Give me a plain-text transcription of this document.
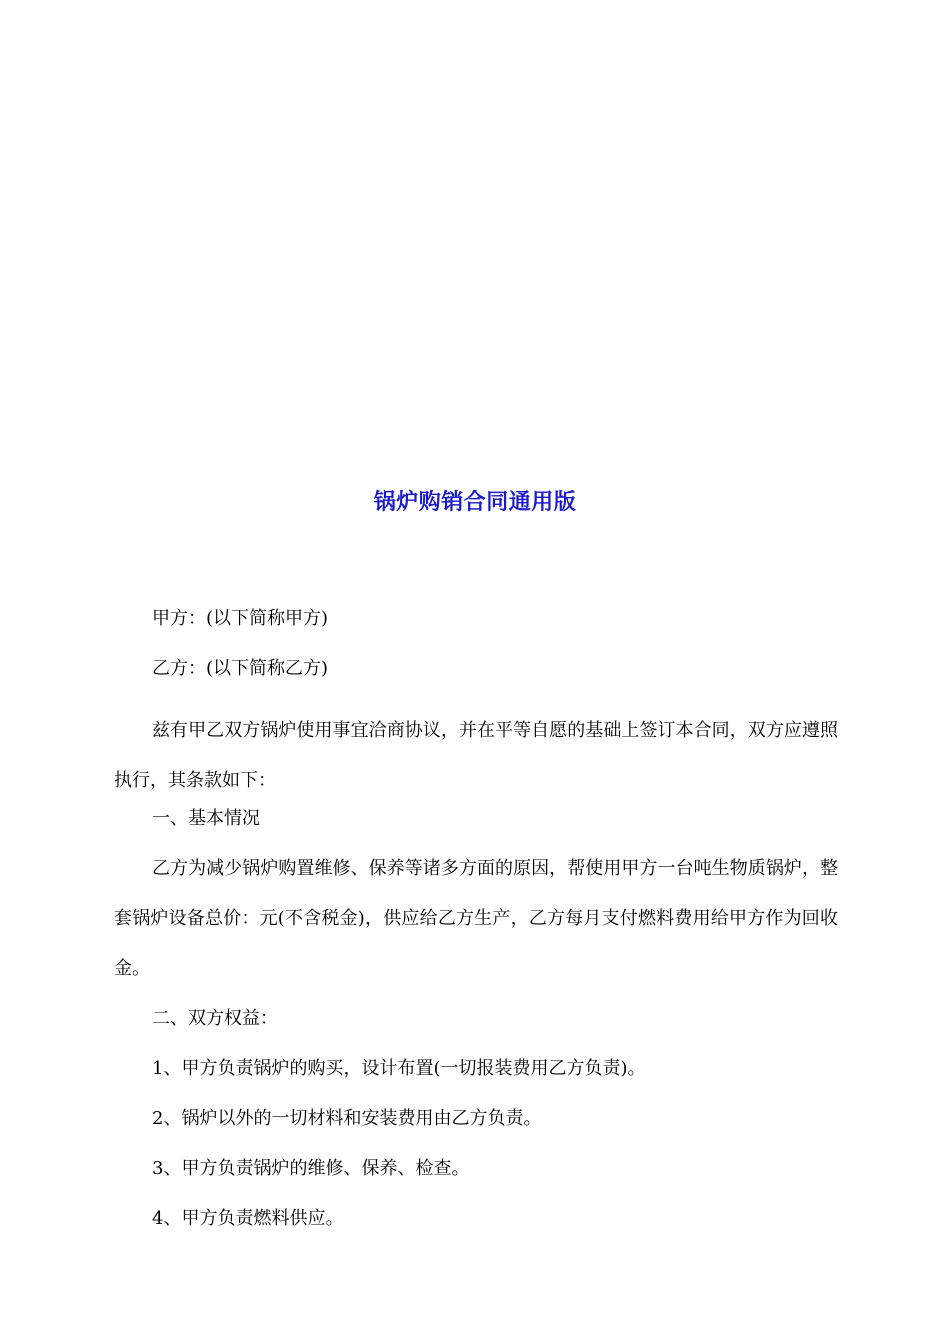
锅炉购销合同通用版

甲方：(以下简称甲方)

乙方：(以下简称乙方)

兹有甲乙双方锅炉使用事宜洽商协议，并在平等自愿的基础上签订本合同，双方应遵照执行，其条款如下：

一、基本情况

乙方为减少锅炉购置维修、保养等诸多方面的原因，帮使用甲方一台吨生物质锅炉，整套锅炉设备总价：元(不含税金)，供应给乙方生产，乙方每月支付燃料费用给甲方作为回收金。

二、双方权益：

1、甲方负责锅炉的购买，设计布置(一切报装费用乙方负责)。

2、锅炉以外的一切材料和安装费用由乙方负责。

3、甲方负责锅炉的维修、保养、检查。

4、甲方负责燃料供应。
